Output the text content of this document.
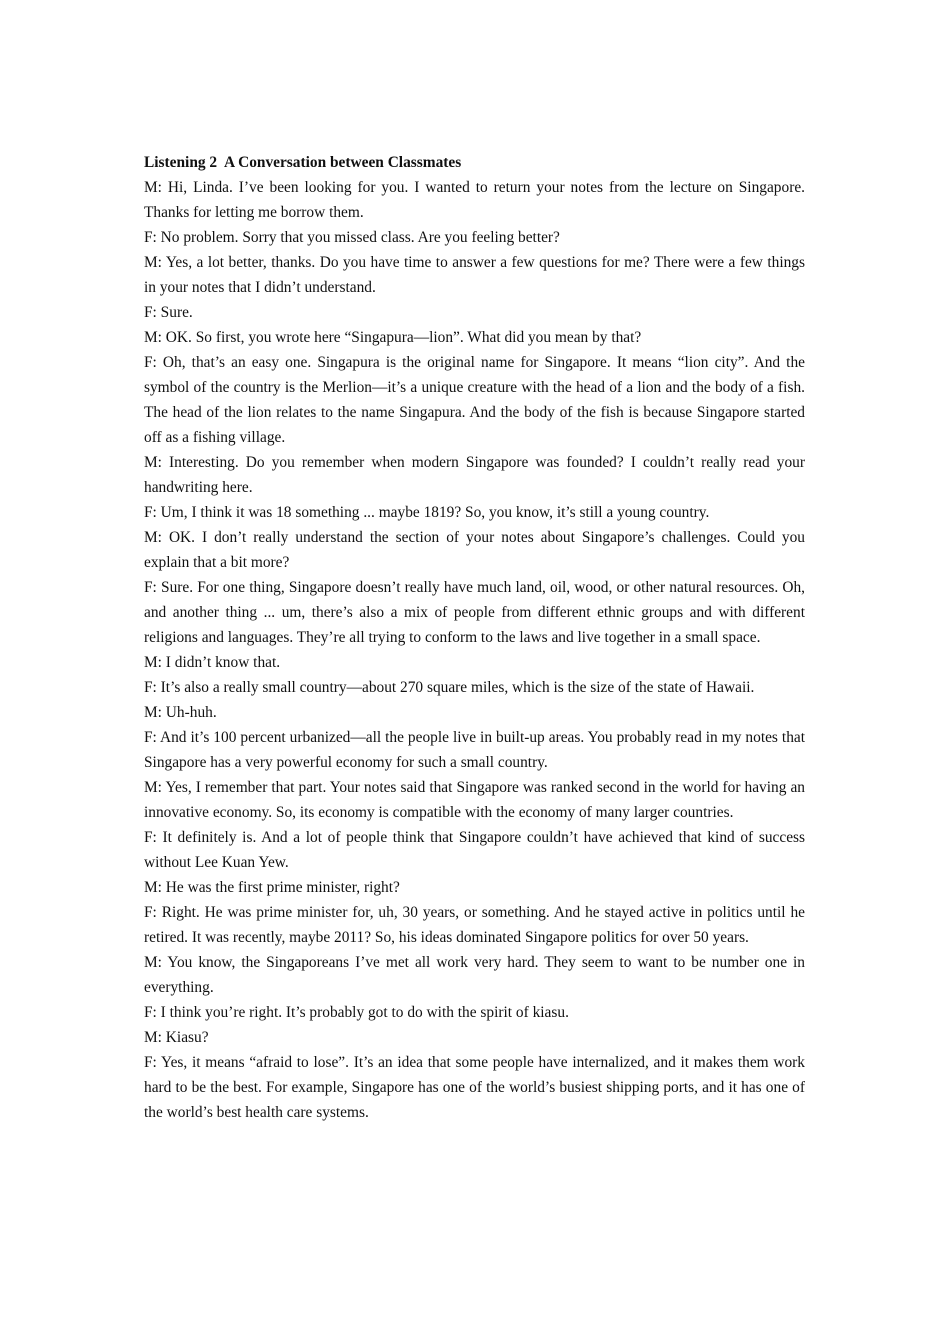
Listening 2  A Conversation between Classmates

M: Hi, Linda. I’ve been looking for you. I wanted to return your notes from the lecture on Singapore. Thanks for letting me borrow them.

F: No problem. Sorry that you missed class. Are you feeling better?

M: Yes, a lot better, thanks. Do you have time to answer a few questions for me? There were a few things in your notes that I didn’t understand.

F: Sure.

M: OK. So first, you wrote here “Singapura—lion”. What did you mean by that?

F: Oh, that’s an easy one. Singapura is the original name for Singapore. It means “lion city”. And the symbol of the country is the Merlion—it’s a unique creature with the head of a lion and the body of a fish. The head of the lion relates to the name Singapura. And the body of the fish is because Singapore started off as a fishing village.

M: Interesting. Do you remember when modern Singapore was founded? I couldn’t really read your handwriting here.

F: Um, I think it was 18 something ... maybe 1819? So, you know, it’s still a young country.

M: OK. I don’t really understand the section of your notes about Singapore’s challenges. Could you explain that a bit more?

F: Sure. For one thing, Singapore doesn’t really have much land, oil, wood, or other natural resources. Oh, and another thing ... um, there’s also a mix of people from different ethnic groups and with different religions and languages. They’re all trying to conform to the laws and live together in a small space.

M: I didn’t know that.

F: It’s also a really small country—about 270 square miles, which is the size of the state of Hawaii.

M: Uh-huh.

F: And it’s 100 percent urbanized—all the people live in built-up areas. You probably read in my notes that Singapore has a very powerful economy for such a small country.

M: Yes, I remember that part. Your notes said that Singapore was ranked second in the world for having an innovative economy. So, its economy is compatible with the economy of many larger countries.

F: It definitely is. And a lot of people think that Singapore couldn’t have achieved that kind of success without Lee Kuan Yew.

M: He was the first prime minister, right?

F: Right. He was prime minister for, uh, 30 years, or something. And he stayed active in politics until he retired. It was recently, maybe 2011? So, his ideas dominated Singapore politics for over 50 years.

M: You know, the Singaporeans I’ve met all work very hard. They seem to want to be number one in everything.

F: I think you’re right. It’s probably got to do with the spirit of kiasu.

M: Kiasu?

F: Yes, it means “afraid to lose”. It’s an idea that some people have internalized, and it makes them work hard to be the best. For example, Singapore has one of the world’s busiest shipping ports, and it has one of the world’s best health care systems.
